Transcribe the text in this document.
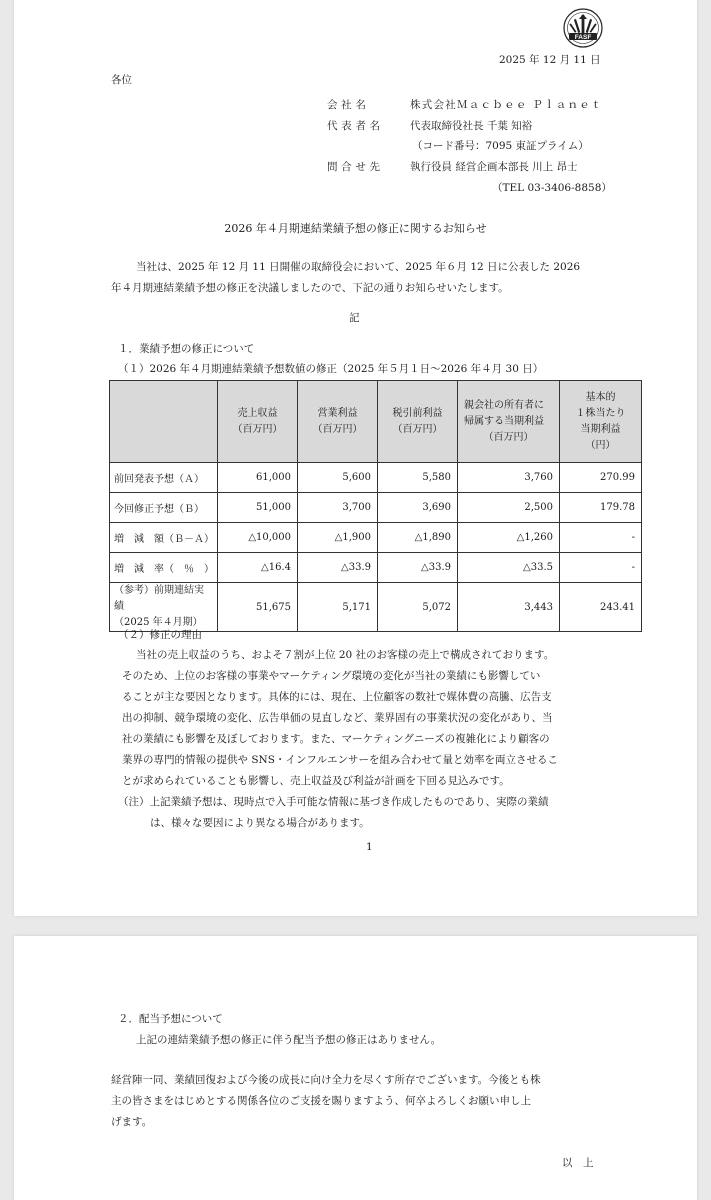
FASF
2025 年 12 月 11 日
各位
会社名	株式会社Ｍａｃｂｅｅ Ｐｌａｎｅｔ
代表者名	代表取締役社長 千葉 知裕
（コード番号：7095 東証プライム）
問合せ先	執行役員 経営企画本部長 川上 昂士
（TEL 03-3406-8858）
2026 年４月期連結業績予想の修正に関するお知らせ
当社は、2025 年 12 月 11 日開催の取締役会において、2025 年６月 12 日に公表した 2026
年４月期連結業績予想の修正を決議しましたので、下記の通りお知らせいたします。
記
１．業績予想の修正について
（１）2026 年４月期連結業績予想数値の修正（2025 年５月１日～2026 年４月 30 日）

	売上収益
（百万円）	営業利益
（百万円）	税引前利益
（百万円）	親会社の所有者に
帰属する当期利益
（百万円）	基本的
１株当たり
当期利益
（円）

前回発表予想（Ａ）	61,000	5,600	5,580	3,760	270.99
今回修正予想（Ｂ）	51,000	3,700	3,690	2,500	179.78
増　減　額（Ｂ－Ａ）	△10,000	△1,900	△1,890	△1,260	-
増　減　率（　％　）	△16.4	△33.9	△33.9	△33.5	-

（参考）前期連結実績
（2025 年４月期）	51,675	5,171	5,072	3,443	243.41
（２）修正の理由
当社の売上収益のうち、およそ７割が上位 20 社のお客様の売上で構成されております。
そのため、上位のお客様の事業やマーケティング環境の変化が当社の業績にも影響してい
ることが主な要因となります。具体的には、現在、上位顧客の数社で媒体費の高騰、広告支
出の抑制、競争環境の変化、広告単価の見直しなど、業界固有の事業状況の変化があり、当
社の業績にも影響を及ぼしております。また、マーケティングニーズの複雑化により顧客の
業界の専門的情報の提供や SNS・インフルエンサーを組み合わせて量と効率を両立させるこ
とが求められていることも影響し、売上収益及び利益が計画を下回る見込みです。
（注）上記業績予想は、現時点で入手可能な情報に基づき作成したものであり、実際の業績
は、様々な要因により異なる場合があります。
1
２．配当予想について
上記の連結業績予想の修正に伴う配当予想の修正はありません。
経営陣一同、業績回復および今後の成長に向け全力を尽くす所存でございます。今後とも株
主の皆さまをはじめとする関係各位のご支援を賜りますよう、何卒よろしくお願い申し上
げます。
以　上
